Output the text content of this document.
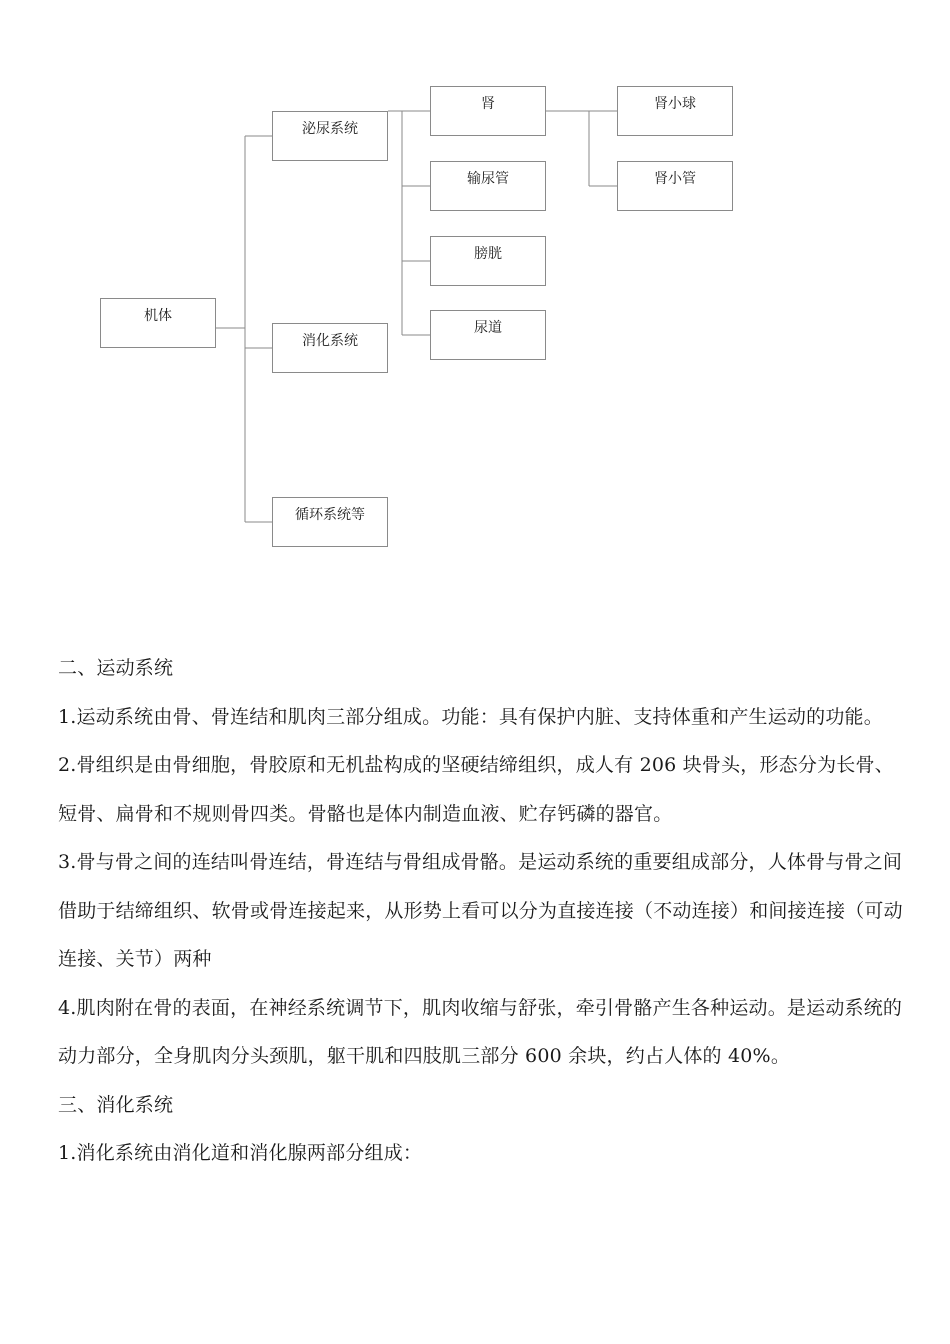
机体
泌尿系统
消化系统
循环系统等
肾
输尿管
膀胱
尿道
肾小球
肾小管

二、运动系统

1.运动系统由骨、骨连结和肌肉三部分组成。功能：具有保护内脏、支持体重和产生运动的功能。

2.骨组织是由骨细胞，骨胶原和无机盐构成的坚硬结缔组织，成人有 206 块骨头，形态分为长骨、短骨、扁骨和不规则骨四类。骨骼也是体内制造血液、贮存钙磷的器官。

3.骨与骨之间的连结叫骨连结，骨连结与骨组成骨骼。是运动系统的重要组成部分，人体骨与骨之间借助于结缔组织、软骨或骨连接起来，从形势上看可以分为直接连接（不动连接）和间接连接（可动连接、关节）两种

4.肌肉附在骨的表面，在神经系统调节下，肌肉收缩与舒张，牵引骨骼产生各种运动。是运动系统的动力部分，全身肌肉分头颈肌，躯干肌和四肢肌三部分 600 余块，约占人体的 40%。

三、消化系统

1.消化系统由消化道和消化腺两部分组成：
